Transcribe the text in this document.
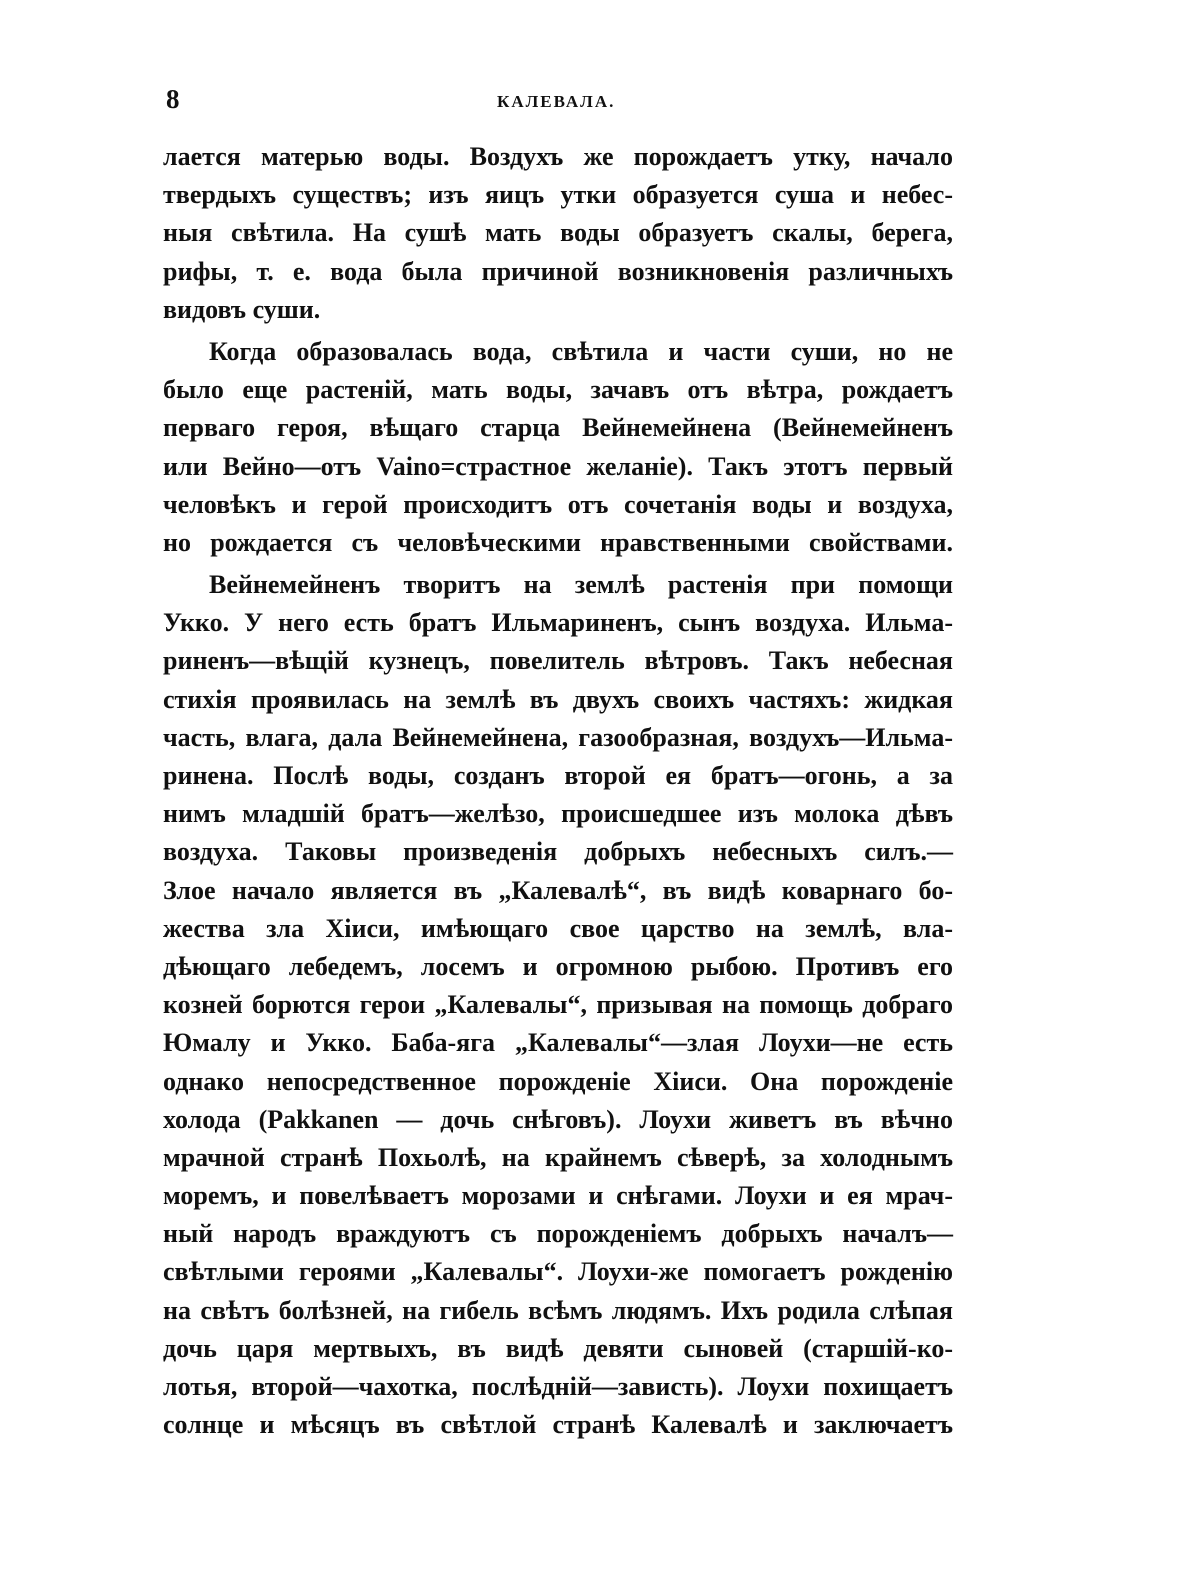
8	КАЛЕВАЛА.
лается матерью воды. Воздухъ же порождаетъ утку, начало
твердыхъ существъ; изъ яицъ утки образуется суша и небес-
ныя свѣтила. На сушѣ мать воды образуетъ скалы, берега,
рифы, т. е. вода была причиной возникновенія различныхъ
видовъ суши.
Когда образовалась вода, свѣтила и части суши, но не
было еще растеній, мать воды, зачавъ отъ вѣтра, рождаетъ
перваго героя, вѣщаго старца Вейнемейнена (Вейнемейненъ
или Вейно—отъ Vaino=страстное желаніе). Такъ этотъ первый
человѣкъ и герой происходитъ отъ сочетанія воды и воздуха,
но рождается съ человѣческими нравственными свойствами.
Вейнемейненъ творитъ на землѣ растенія при помощи
Укко. У него есть братъ Ильмариненъ, сынъ воздуха. Ильма-
риненъ—вѣщій кузнецъ, повелитель вѣтровъ. Такъ небесная
стихія проявилась на землѣ въ двухъ своихъ частяхъ: жидкая
часть, влага, дала Вейнемейнена, газообразная, воздухъ—Ильма-
ринена. Послѣ воды, созданъ второй ея братъ—огонь, а за
нимъ младшій братъ—желѣзо, происшедшее изъ молока дѣвъ
воздуха. Таковы произведенія добрыхъ небесныхъ силъ.—
Злое начало является въ „Калевалѣ“, въ видѣ коварнаго бо-
жества зла Хіиси, имѣющаго свое царство на землѣ, вла-
дѣющаго лебедемъ, лосемъ и огромною рыбою. Противъ его
козней борются герои „Калевалы“, призывая на помощь добраго
Юмалу и Укко. Баба-яга „Калевалы“—злая Лоухи—не есть
однако непосредственное порожденіе Хіиси. Она порожденіе
холода (Pakkanen — дочь снѣговъ). Лоухи живетъ въ вѣчно
мрачной странѣ Похьолѣ, на крайнемъ сѣверѣ, за холоднымъ
моремъ, и повелѣваетъ морозами и снѣгами. Лоухи и ея мрач-
ный народъ враждуютъ съ порожденіемъ добрыхъ началъ—
свѣтлыми героями „Калевалы“. Лоухи-же помогаетъ рожденію
на свѣтъ болѣзней, на гибель всѣмъ людямъ. Ихъ родила слѣпая
дочь царя мертвыхъ, въ видѣ девяти сыновей (старшій-ко-
лотья, второй—чахотка, послѣдній—зависть). Лоухи похищаетъ
солнце и мѣсяцъ въ свѣтлой странѣ Калевалѣ и заключаетъ
